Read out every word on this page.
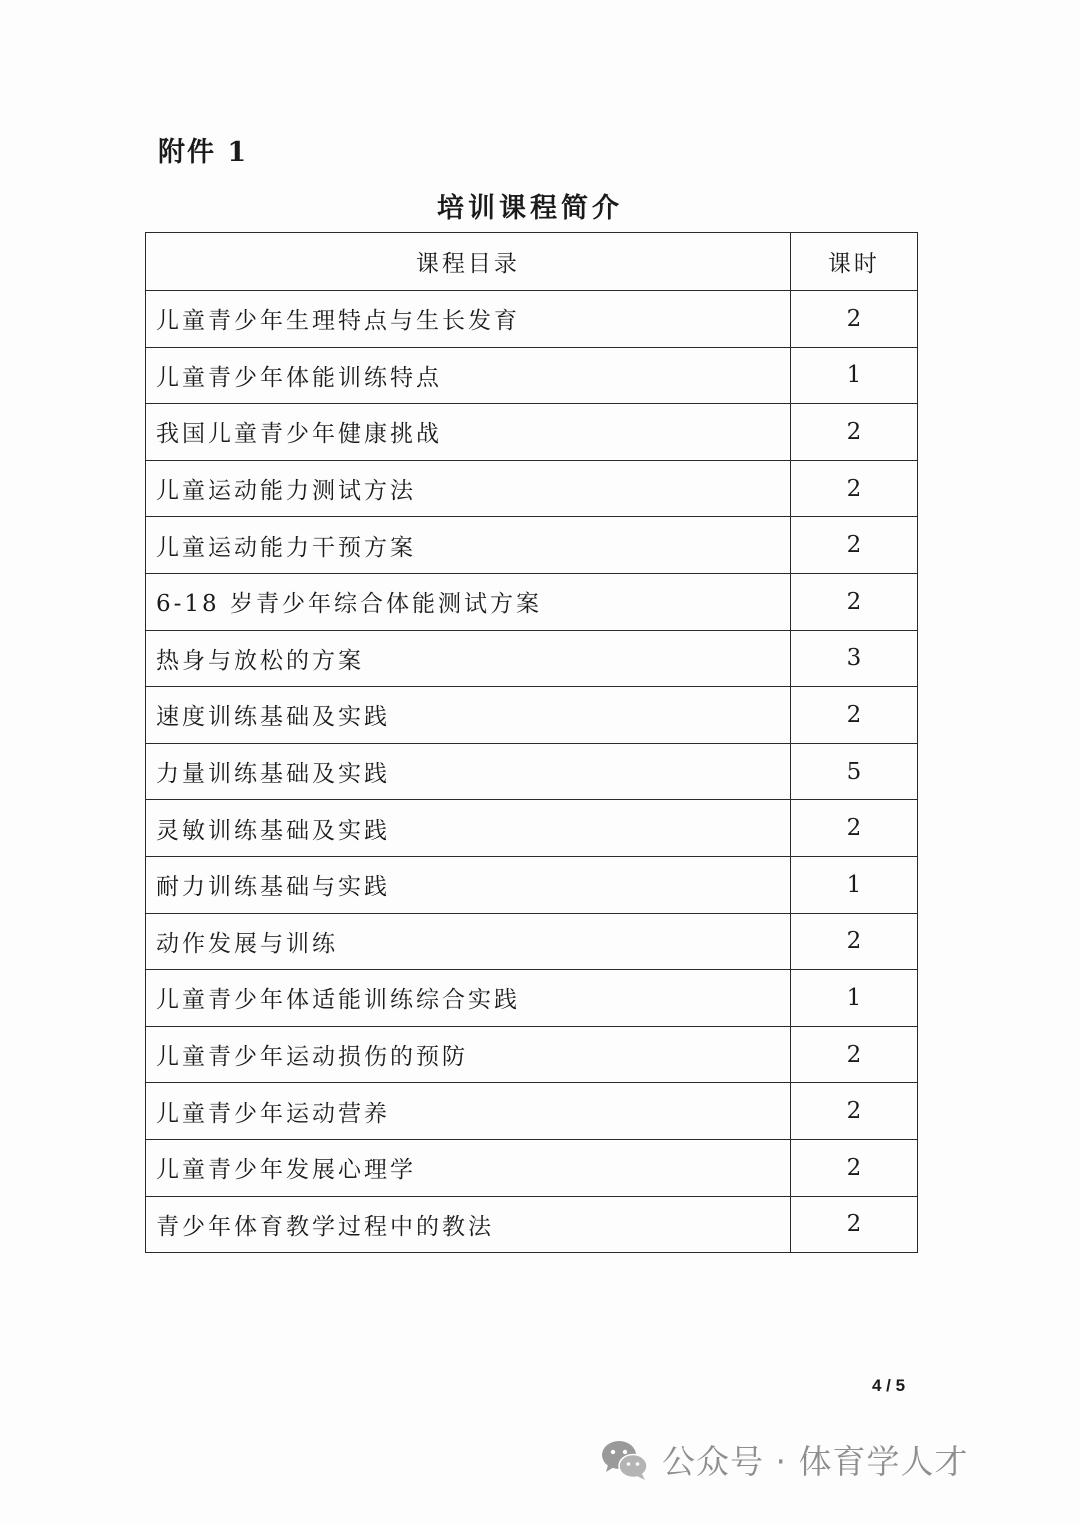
附件 1
培训课程简介
课程目录	课时
儿童青少年生理特点与生长发育	2
儿童青少年体能训练特点	1
我国儿童青少年健康挑战	2
儿童运动能力测试方法	2
儿童运动能力干预方案	2
6-18 岁青少年综合体能测试方案	2
热身与放松的方案	3
速度训练基础及实践	2
力量训练基础及实践	5
灵敏训练基础及实践	2
耐力训练基础与实践	1
动作发展与训练	2
儿童青少年体适能训练综合实践	1
儿童青少年运动损伤的预防	2
儿童青少年运动营养	2
儿童青少年发展心理学	2
青少年体育教学过程中的教法	2
4 / 5
公众号 · 体育学人才
